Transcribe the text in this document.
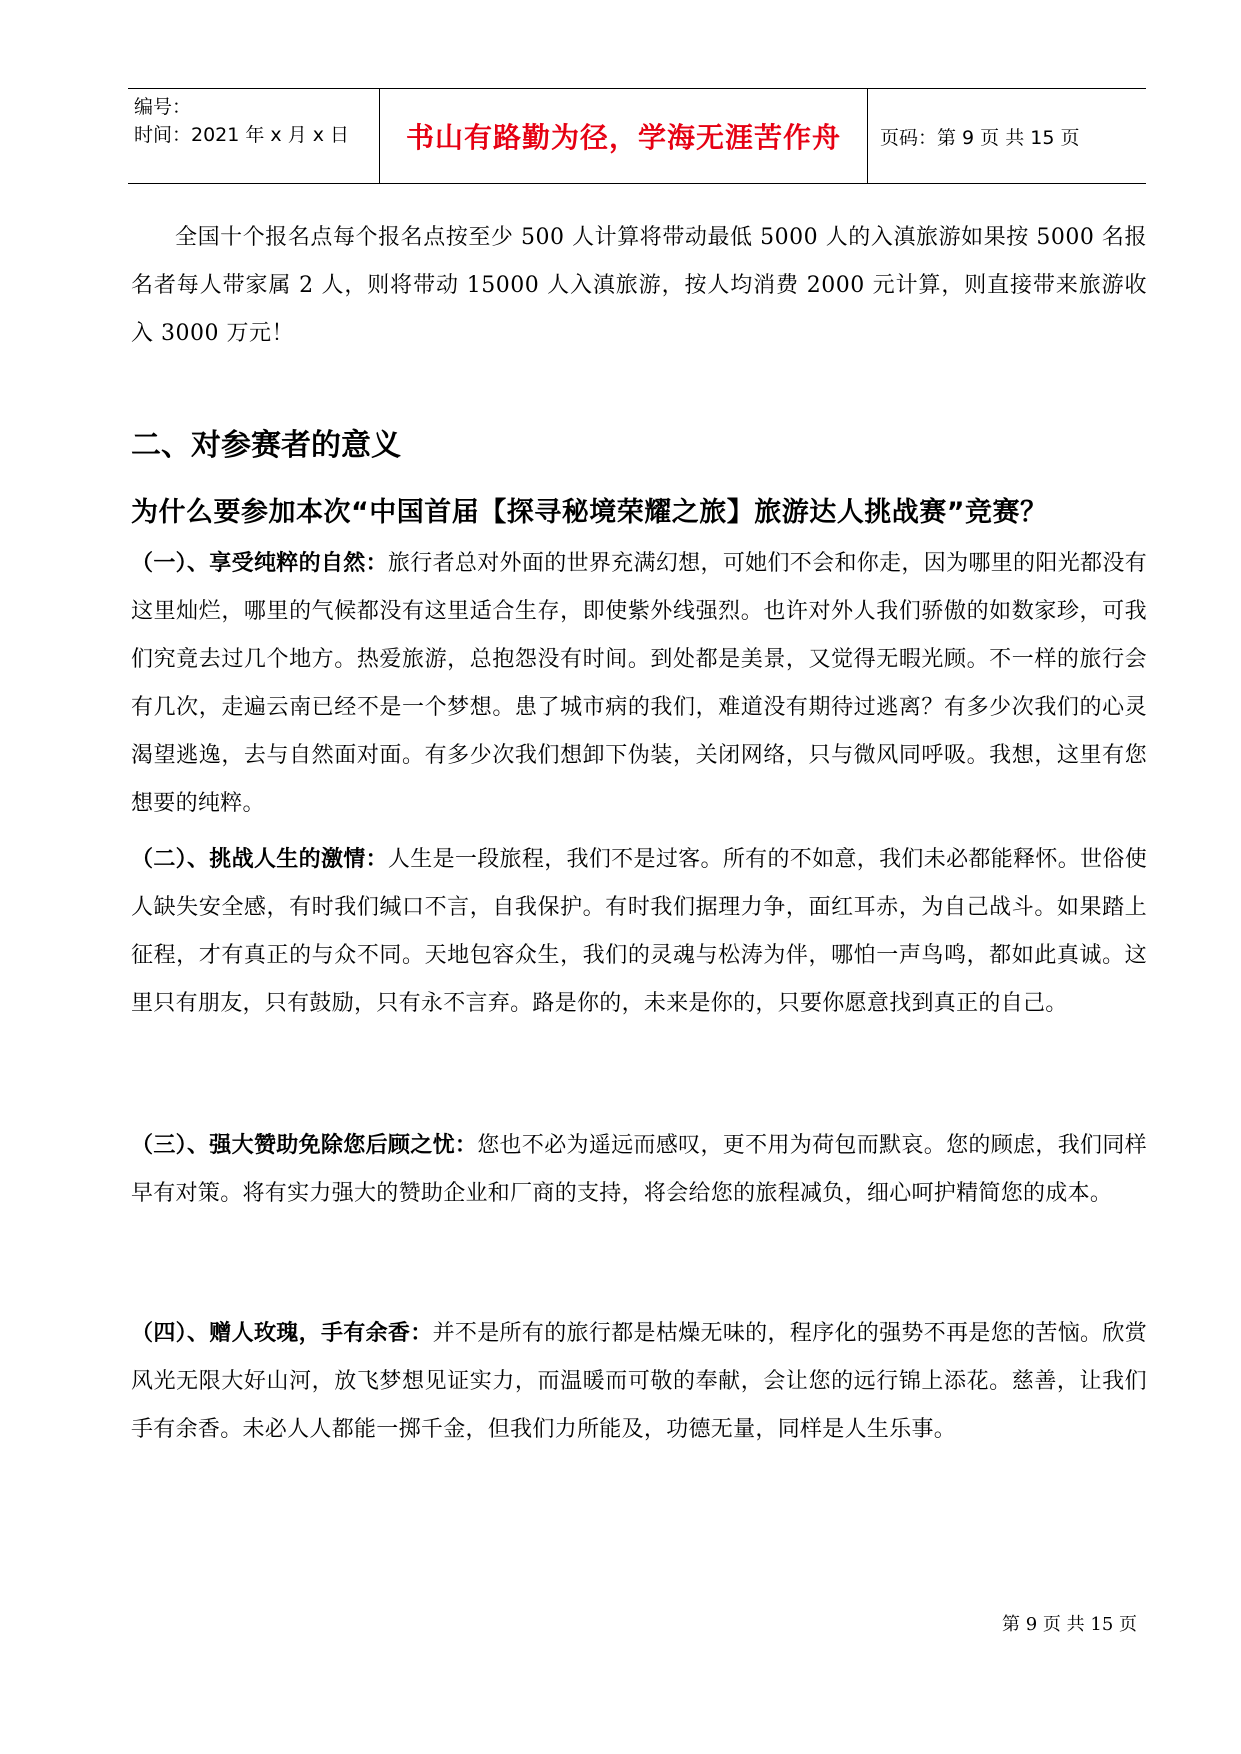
编号：
时间：2021 年 x 月 x 日	书山有路勤为径，学海无涯苦作舟	页码：第 9 页 共 15 页
全国十个报名点每个报名点按至少 500 人计算将带动最低 5000 人的入滇旅游如果按 5000 名报名者每人带家属 2 人，则将带动 15000 人入滇旅游，按人均消费 2000 元计算，则直接带来旅游收入 3000 万元！
二、对参赛者的意义
为什么要参加本次“中国首届【探寻秘境荣耀之旅】旅游达人挑战赛”竞赛？
（一）、享受纯粹的自然：旅行者总对外面的世界充满幻想，可她们不会和你走，因为哪里的阳光都没有这里灿烂，哪里的气候都没有这里适合生存，即使紫外线强烈。也许对外人我们骄傲的如数家珍，可我们究竟去过几个地方。热爱旅游，总抱怨没有时间。到处都是美景，又觉得无暇光顾。不一样的旅行会有几次，走遍云南已经不是一个梦想。患了城市病的我们，难道没有期待过逃离？有多少次我们的心灵渴望逃逸，去与自然面对面。有多少次我们想卸下伪装，关闭网络，只与微风同呼吸。我想，这里有您想要的纯粹。
（二）、挑战人生的激情：人生是一段旅程，我们不是过客。所有的不如意，我们未必都能释怀。世俗使人缺失安全感，有时我们缄口不言，自我保护。有时我们据理力争，面红耳赤，为自己战斗。如果踏上征程，才有真正的与众不同。天地包容众生，我们的灵魂与松涛为伴，哪怕一声鸟鸣，都如此真诚。这里只有朋友，只有鼓励，只有永不言弃。路是你的，未来是你的，只要你愿意找到真正的自己。
（三）、强大赞助免除您后顾之忧：您也不必为遥远而感叹，更不用为荷包而默哀。您的顾虑，我们同样早有对策。将有实力强大的赞助企业和厂商的支持，将会给您的旅程减负，细心呵护精简您的成本。
（四）、赠人玫瑰，手有余香：并不是所有的旅行都是枯燥无味的，程序化的强势不再是您的苦恼。欣赏风光无限大好山河，放飞梦想见证实力，而温暖而可敬的奉献，会让您的远行锦上添花。慈善，让我们手有余香。未必人人都能一掷千金，但我们力所能及，功德无量，同样是人生乐事。
第 9 页 共 15 页
